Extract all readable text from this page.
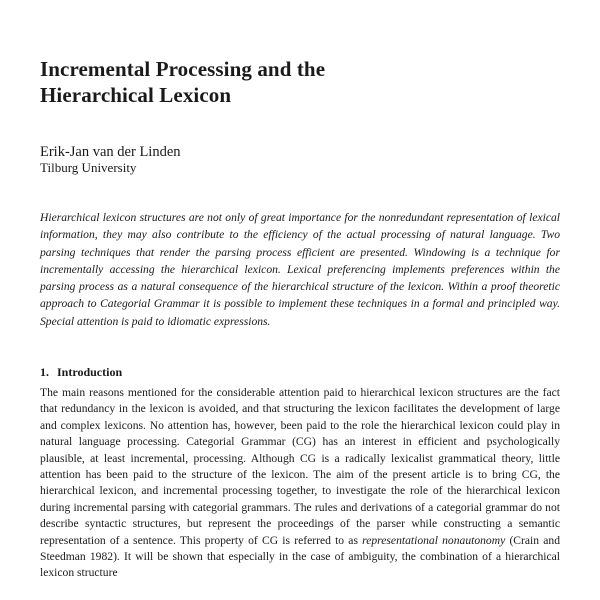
Incremental Processing and the
Hierarchical Lexicon
Erik-Jan van der Linden
Tilburg University

Hierarchical lexicon structures are not only of great importance for the nonredundant representation of lexical information, they may also contribute to the efficiency of the actual processing of natural language. Two parsing techniques that render the parsing process efficient are presented. Windowing is a technique for incrementally accessing the hierarchical lexicon. Lexical preferencing implements preferences within the parsing process as a natural consequence of the hierarchical structure of the lexicon. Within a proof theoretic approach to Categorial Grammar it is possible to implement these techniques in a formal and principled way. Special attention is paid to idiomatic expressions.

1. Introduction

The main reasons mentioned for the considerable attention paid to hierarchical lexicon structures are the fact that redundancy in the lexicon is avoided, and that structuring the lexicon facilitates the development of large and complex lexicons. No attention has, however, been paid to the role the hierarchical lexicon could play in natural language processing. Categorial Grammar (CG) has an interest in efficient and psychologically plausible, at least incremental, processing. Although CG is a radically lexicalist grammatical theory, little attention has been paid to the structure of the lexicon. The aim of the present article is to bring CG, the hierarchical lexicon, and incremental processing together, to investigate the role of the hierarchical lexicon during incremental parsing with categorial grammars. The rules and derivations of a categorial grammar do not describe syntactic structures, but represent the proceedings of the parser while constructing a semantic representation of a sentence. This property of CG is referred to as representational nonautonomy (Crain and Steedman 1982). It will be shown that especially in the case of ambiguity, the combination of a hierarchical lexicon structure
